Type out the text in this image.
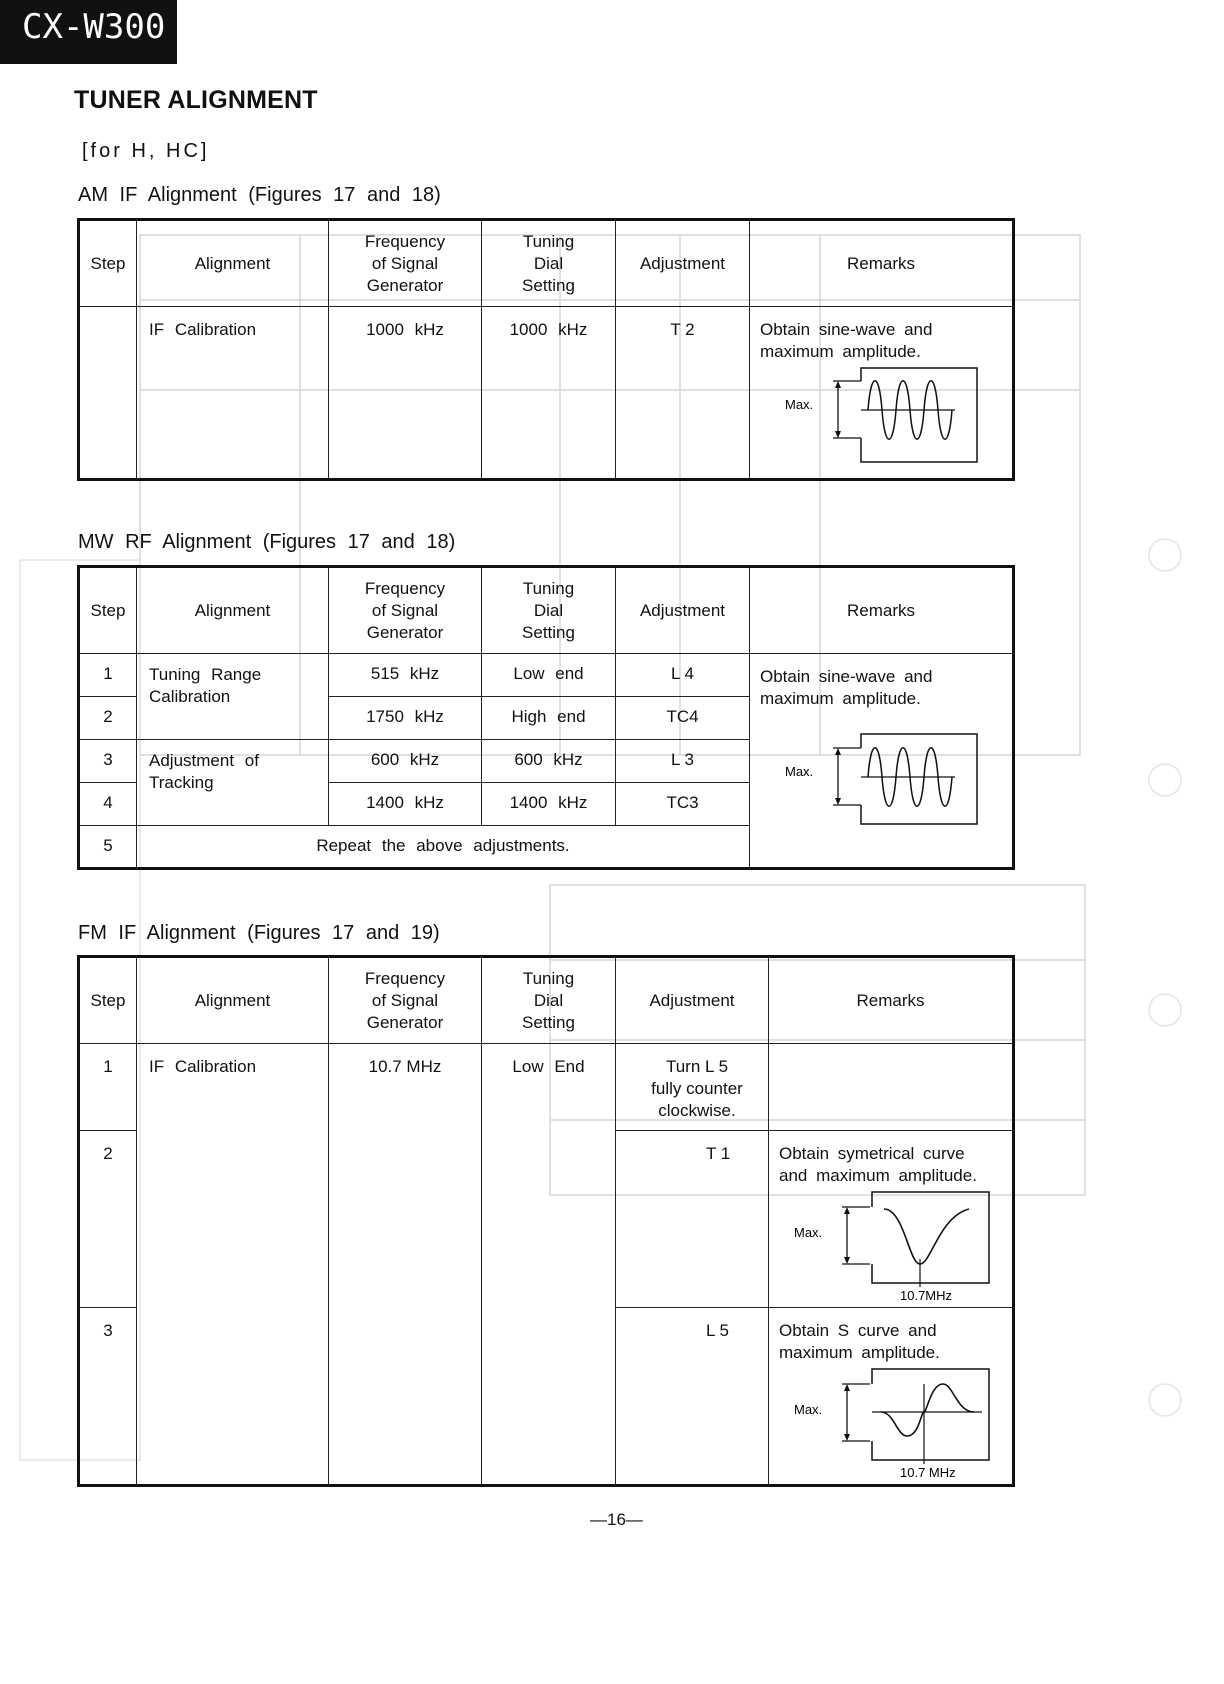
CX-W300
TUNER ALIGNMENT
[for H, HC]
AM IF Alignment (Figures 17 and 18)
Step	Alignment	Frequency
of Signal
Generator	Tuning
Dial
Setting	Adjustment	Remarks

	IF Calibration	1000 kHz	1000 kHz	T 2	Obtain sine-wave and
maximum amplitude.
Max.
MW RF Alignment (Figures 17 and 18)
Step	Alignment	Frequency
of Signal
Generator	Tuning
Dial
Setting	Adjustment	Remarks

1	Tuning Range
Calibration	515 kHz	Low end	L 4	Obtain sine-wave and
maximum amplitude.
Max.

2		1750 kHz	High end	TC4	

3	Adjustment of
Tracking	600 kHz	600 kHz	L 3	

4		1400 kHz	1400 kHz	TC3	

5	Repeat the above adjustments.				
FM IF Alignment (Figures 17 and 19)
Step	Alignment	Frequency
of Signal
Generator	Tuning
Dial
Setting	Adjustment	Remarks

1	IF Calibration	10.7 MHz	Low End	Turn L 5
fully counter
clockwise.	

2				T 1	Obtain symetrical curve
and maximum amplitude.
Max.
10.7MHz

3				L 5	Obtain S curve and
maximum amplitude.
Max.
10.7 MHz
—16—
